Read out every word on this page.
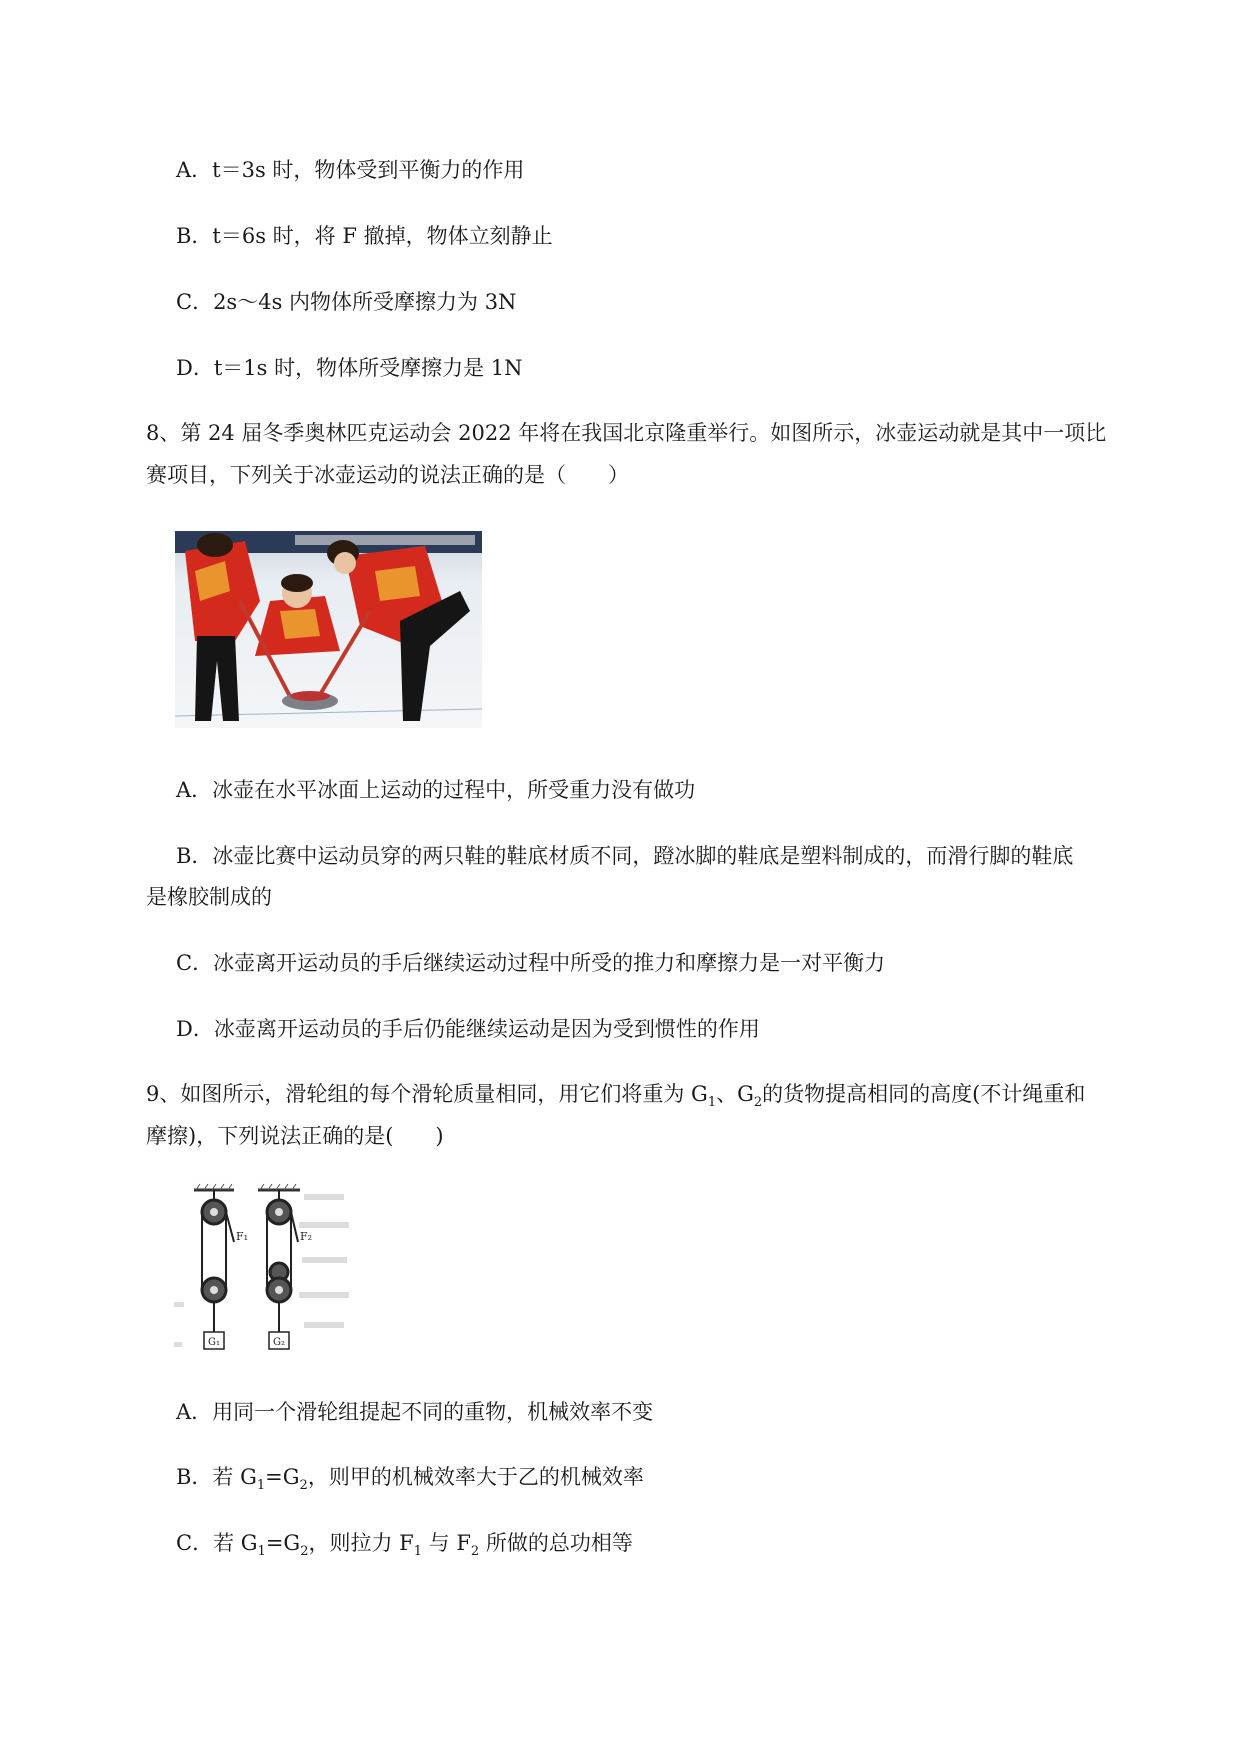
A．t＝3s 时，物体受到平衡力的作用
B．t＝6s 时，将 F 撤掉，物体立刻静止
C．2s～4s 内物体所受摩擦力为 3N
D．t＝1s 时，物体所受摩擦力是 1N
8、第 24 届冬季奥林匹克运动会 2022 年将在我国北京隆重举行。如图所示，冰壶运动就是其中一项比
赛项目，下列关于冰壶运动的说法正确的是（　　）
A．冰壶在水平冰面上运动的过程中，所受重力没有做功
B．冰壶比赛中运动员穿的两只鞋的鞋底材质不同，蹬冰脚的鞋底是塑料制成的，而滑行脚的鞋底
是橡胶制成的
C．冰壶离开运动员的手后继续运动过程中所受的推力和摩擦力是一对平衡力
D．冰壶离开运动员的手后仍能继续运动是因为受到惯性的作用
9、如图所示，滑轮组的每个滑轮质量相同，用它们将重为 $G_1$、$G_2$的货物提高相同的高度(不计绳重和
摩擦)，下列说法正确的是(　　)
G₁
F₁
G₂
F₂
A．用同一个滑轮组提起不同的重物，机械效率不变
B．若 $G_1=G_2$，则甲的机械效率大于乙的机械效率
C．若 $G_1=G_2$，则拉力 $F_1$ 与 $F_2$ 所做的总功相等
